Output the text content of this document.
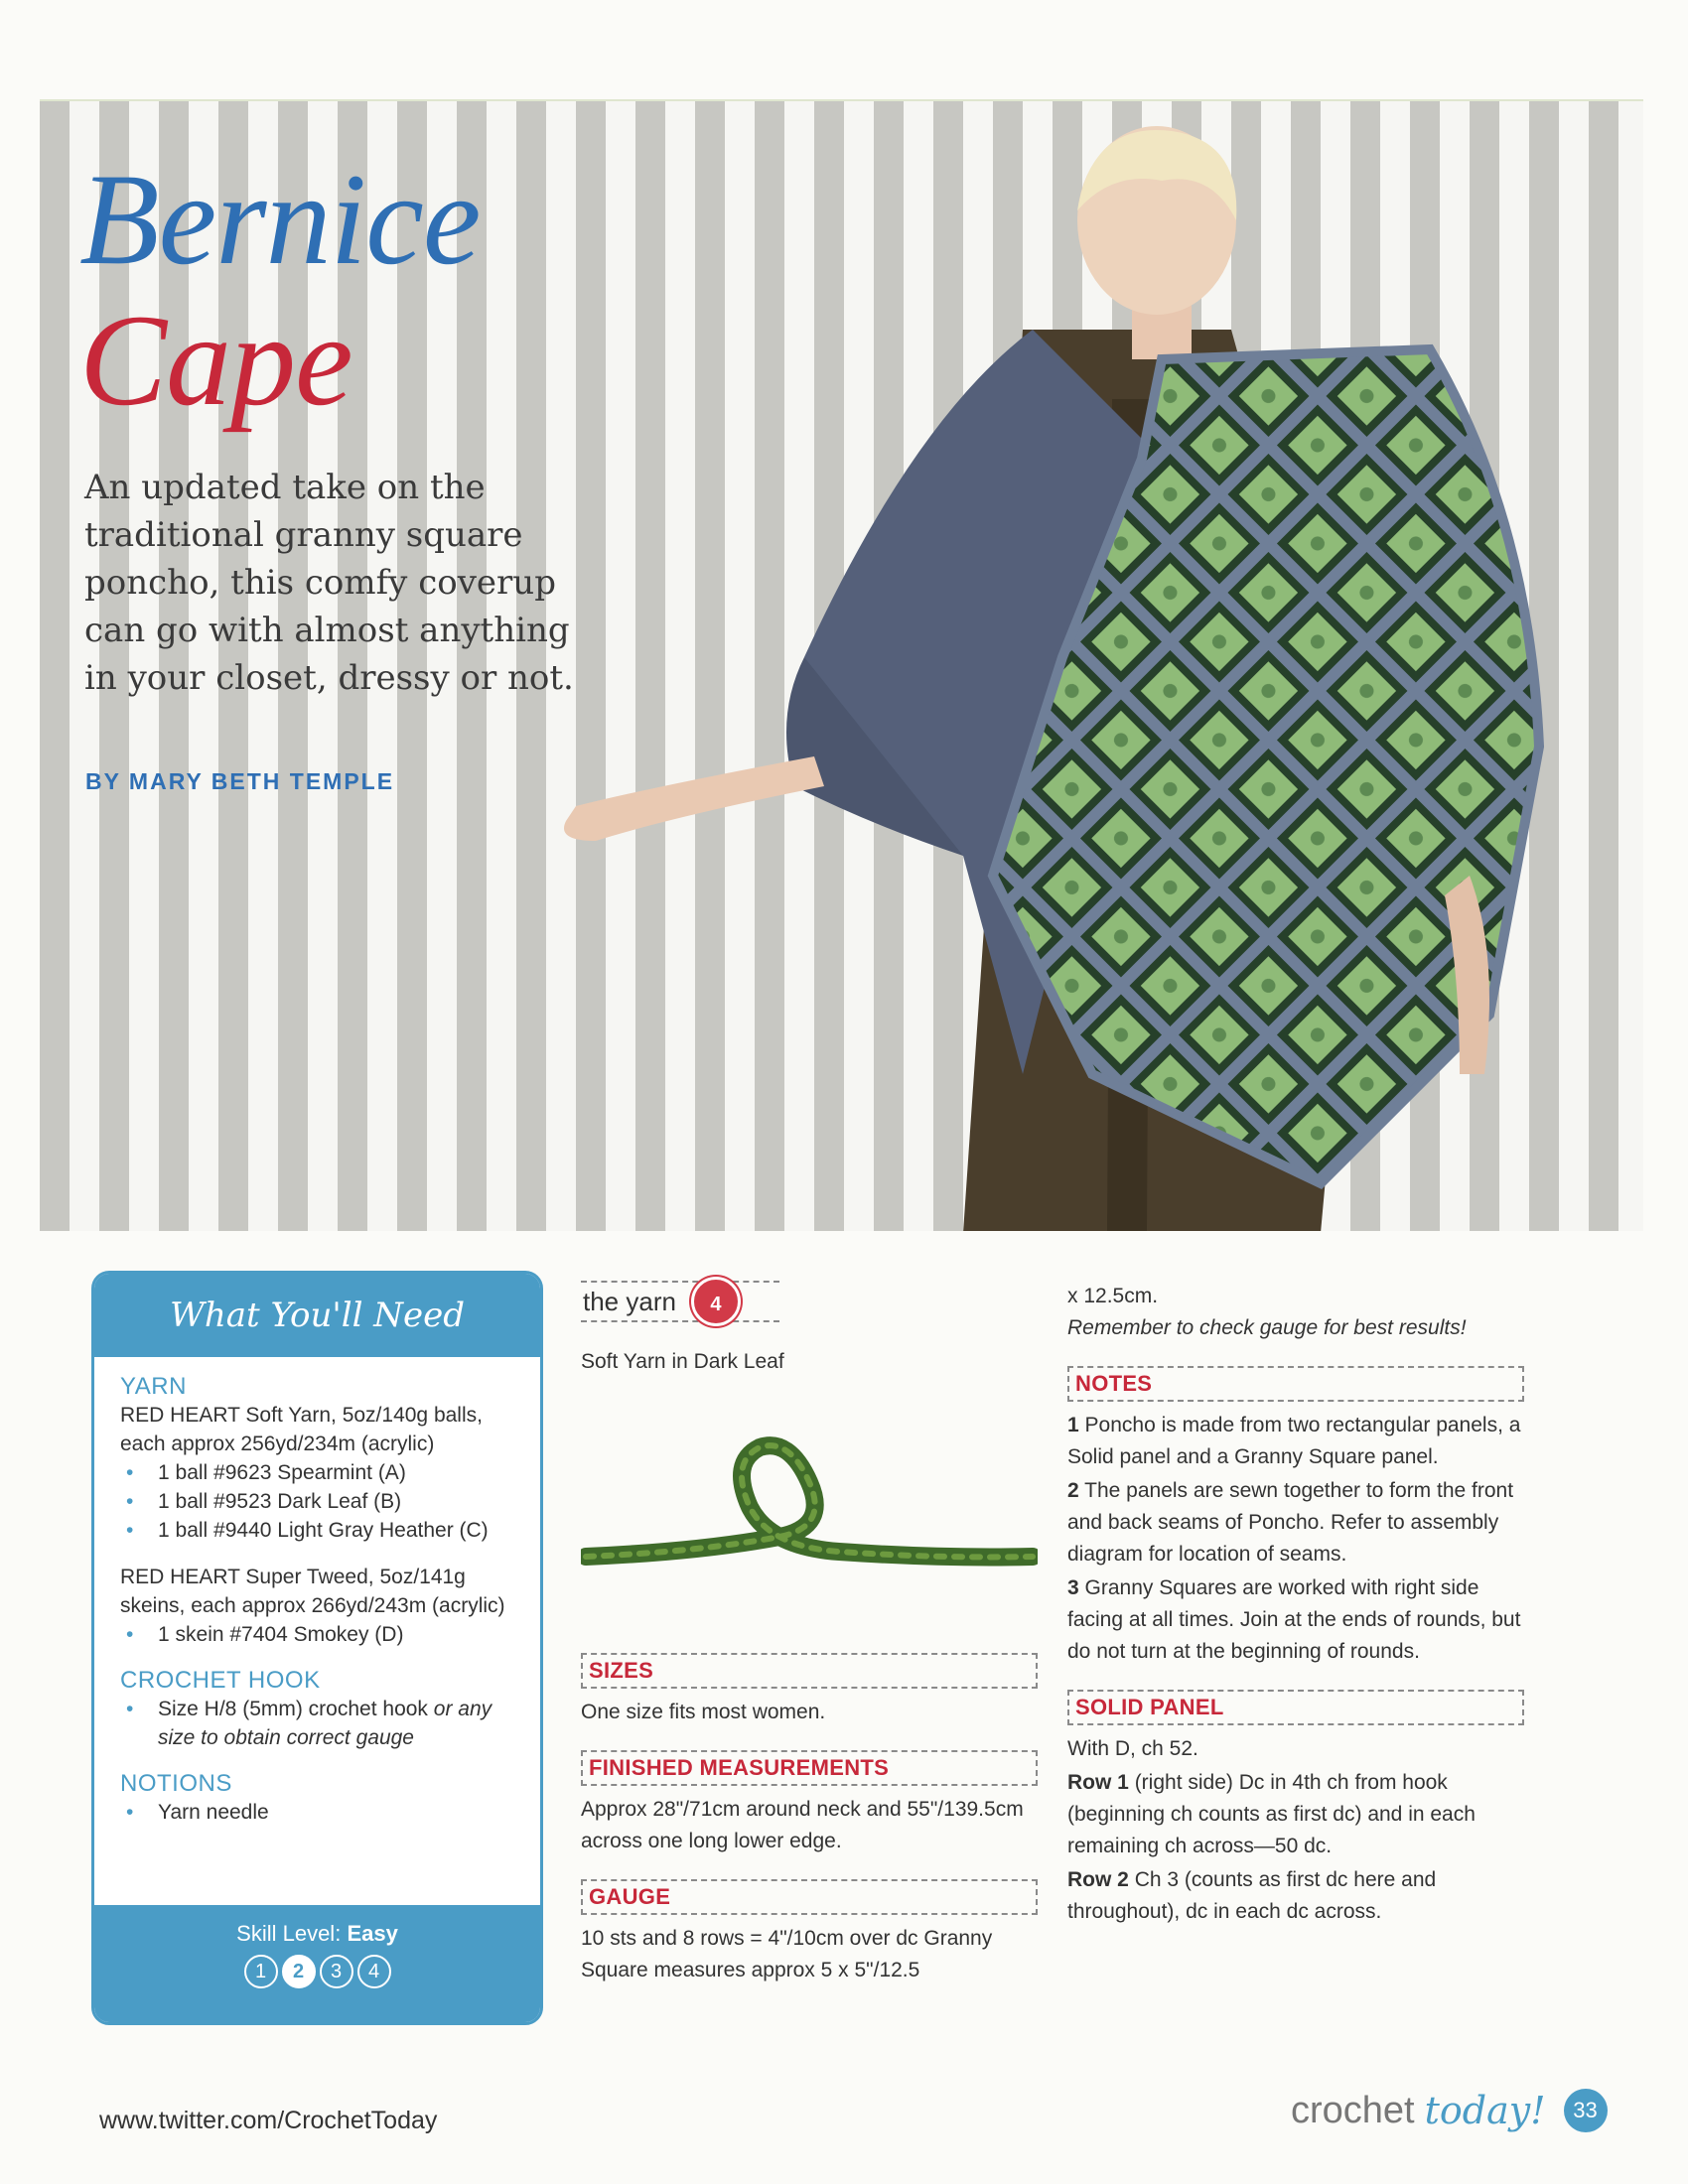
Bernice
Cape
An updated take on the traditional granny square poncho, this comfy coverup can go with almost anything in your closet, dressy or not.
BY MARY BETH TEMPLE
What You'll Need
YARN

RED HEART Soft Yarn, 5oz/140g balls, each approx 256yd/234m (acrylic)

• 1 ball #9623 Spearmint (A)
• 1 ball #9523 Dark Leaf (B)
• 1 ball #9440 Light Gray Heather (C)

RED HEART Super Tweed, 5oz/141g skeins, each approx 266yd/243m (acrylic)

• 1 skein #7404 Smokey (D)
CROCHET HOOK
• Size H/8 (5mm) crochet hook or any size to obtain correct gauge
NOTIONS
• Yarn needle
Skill Level: Easy
1	2	3	4
the yarn	4
Soft Yarn in Dark Leaf
SIZES

One size fits most women.

FINISHED MEASUREMENTS

Approx 28"/71cm around neck and 55"/139.5cm across one long lower edge.

GAUGE

10 sts and 8 rows = 4"/10cm over dc Granny Square measures approx 5 x 5"/12.5

x 12.5cm.

Remember to check gauge for best results!

NOTES

1 Poncho is made from two rectangular panels, a Solid panel and a Granny Square panel.

2 The panels are sewn together to form the front and back seams of Poncho. Refer to assembly diagram for location of seams.

3 Granny Squares are worked with right side facing at all times. Join at the ends of rounds, but do not turn at the beginning of rounds.

SOLID PANEL

With D, ch 52.

Row 1 (right side) Dc in 4th ch from hook (beginning ch counts as first dc) and in each remaining ch across—50 dc.

Row 2 Ch 3 (counts as first dc here and throughout), dc in each dc across.

www.twitter.com/CrochetToday	crochet today!	33
